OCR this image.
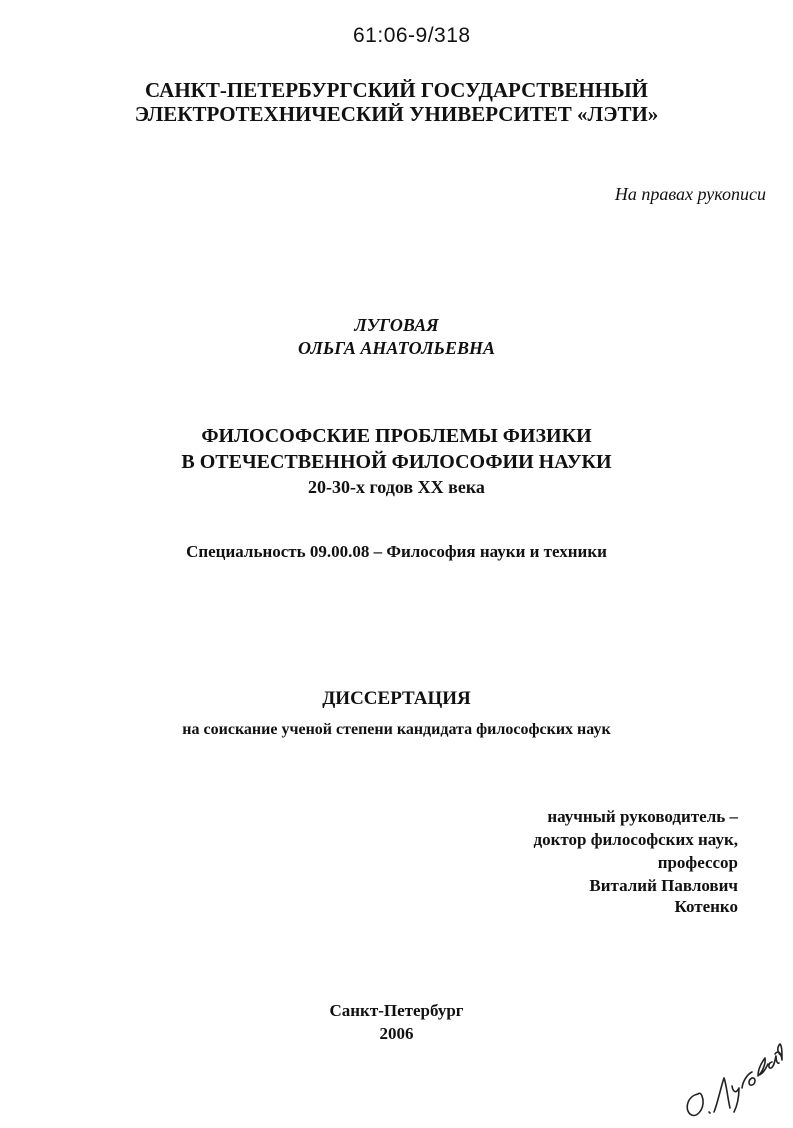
61:06-9/318
САНКТ-ПЕТЕРБУРГСКИЙ ГОСУДАРСТВЕННЫЙ
ЭЛЕКТРОТЕХНИЧЕСКИЙ УНИВЕРСИТЕТ «ЛЭТИ»
На правах рукописи
ЛУГОВАЯ
ОЛЬГА АНАТОЛЬЕВНА
ФИЛОСОФСКИЕ ПРОБЛЕМЫ ФИЗИКИ
В ОТЕЧЕСТВЕННОЙ ФИЛОСОФИИ НАУКИ
20-30-х годов XX века
Специальность 09.00.08 – Философия науки и техники
ДИССЕРТАЦИЯ
на соискание ученой степени кандидата философских наук
научный руководитель –
доктор философских наук,
профессор
Виталий Павлович
Котенко
Санкт-Петербург
2006
